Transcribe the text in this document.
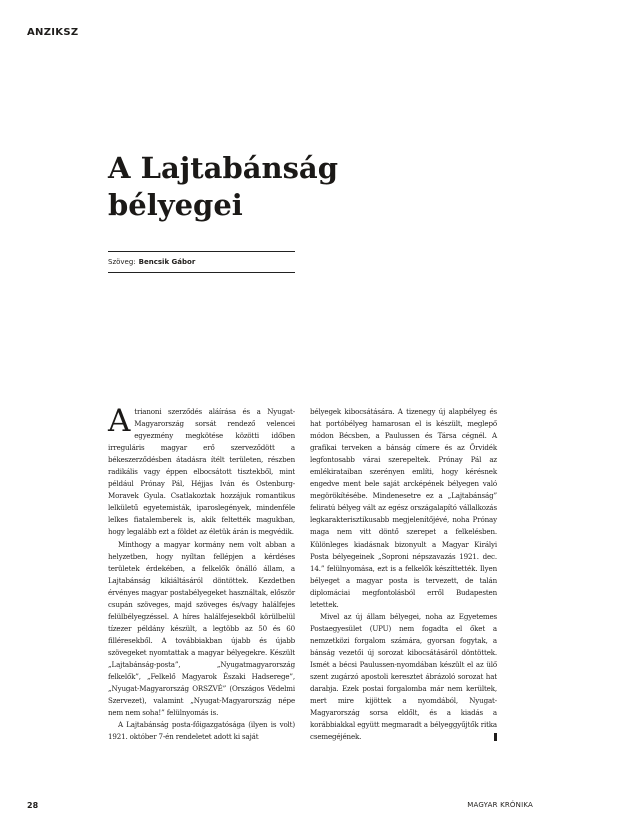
ANZIKSZ
A Lajtabánság
bélyegei
Szöveg: Bencsik Gábor

Atrianoni szerződés aláírása és a Nyugat-Magyarország sorsát rendező velencei egyezmény megkötése közötti időben irreguláris magyar erő szerveződött a békeszerződésben átadásra ítélt területen, részben radikális vagy éppen elbocsátott tisztekből, mint például Prónay Pál, Héjjas Iván és Ostenburg-Moravek Gyula. Csatlakoztak hozzájuk romantikus lelkületű egyetemisták, iparoslegények, mindenféle lelkes fiatalemberek is, akik feltették magukban, hogy legalább ezt a földet az életük árán is megvédik.

Minthogy a magyar kormány nem volt abban a helyzetben, hogy nyíltan fellépjen a kérdéses területek érdekében, a felkelők önálló állam, a Lajtabánság kikiáltásáról döntöttek. Kezdetben érvényes magyar postabélyegeket használtak, először csupán szöveges, majd szöveges és/vagy halálfejes felülbélyegzéssel. A híres halálfejesekből körülbelül tízezer példány készült, a legtöbb az 50 és 60 filléresekből. A továbbiakban újabb és újabb szövegeket nyomtattak a magyar bélyegekre. Készült „Lajtabánság-posta”, „Nyugatmagyarország felkelők”, „Felkelő Magyarok Északi Hadserege”, „Nyugat-Magyarország ORSZVÉ” (Országos Védelmi Szervezet), valamint „Nyugat-Magyarország népe nem nem soha!” felülnyomás is.

A Lajtabánság posta-főigazgatósága (ilyen is volt) 1921. október 7-én rendeletet adott ki saját

bélyegek kibocsátására. A tizenegy új alapbélyeg és hat portóbélyeg hamarosan el is készült, meglepő módon Bécsben, a Paulussen és Társa cégnél. A grafikai terveken a bánság címere és az Őrvidék legfontosabb várai szerepeltek. Prónay Pál az emlékirataiban szerényen említi, hogy kérésnek engedve ment bele saját arcképének bélyegen való megörökítésébe. Mindenesetre ez a „Lajtabánság” feliratú bélyeg vált az egész országalapító vállalkozás legkarakterisztikusabb megjelenítőjévé, noha Prónay maga nem vitt döntő szerepet a felkelésben. Különleges kiadásnak bizonyult a Magyar Királyi Posta bélyegeinek „Soproni népszavazás 1921. dec. 14.” felülnyomása, ezt is a felkelők készíttették. Ilyen bélyeget a magyar posta is tervezett, de talán diplomáciai megfontolásból erről Budapesten letettek.

Mivel az új állam bélyegei, noha az Egyetemes Postaegyesület (UPU) nem fogadta el őket a nemzetközi forgalom számára, gyorsan fogytak, a bánság vezetői új sorozat kibocsátásáról döntöttek. Ismét a bécsi Paulussen-nyomdában készült el az ülő szent zugárzó apostoli keresztet ábrázoló sorozat hat darabja. Ezek postai forgalomba már nem kerültek, mert mire kijöttek a nyomdából, Nyugat-Magyarország sorsa eldőlt, és a kiadás a korábbiakkal együtt megmaradt a bélyeggyűjtők ritka csemegéjének.

28	MAGYAR KRÓNIKA
